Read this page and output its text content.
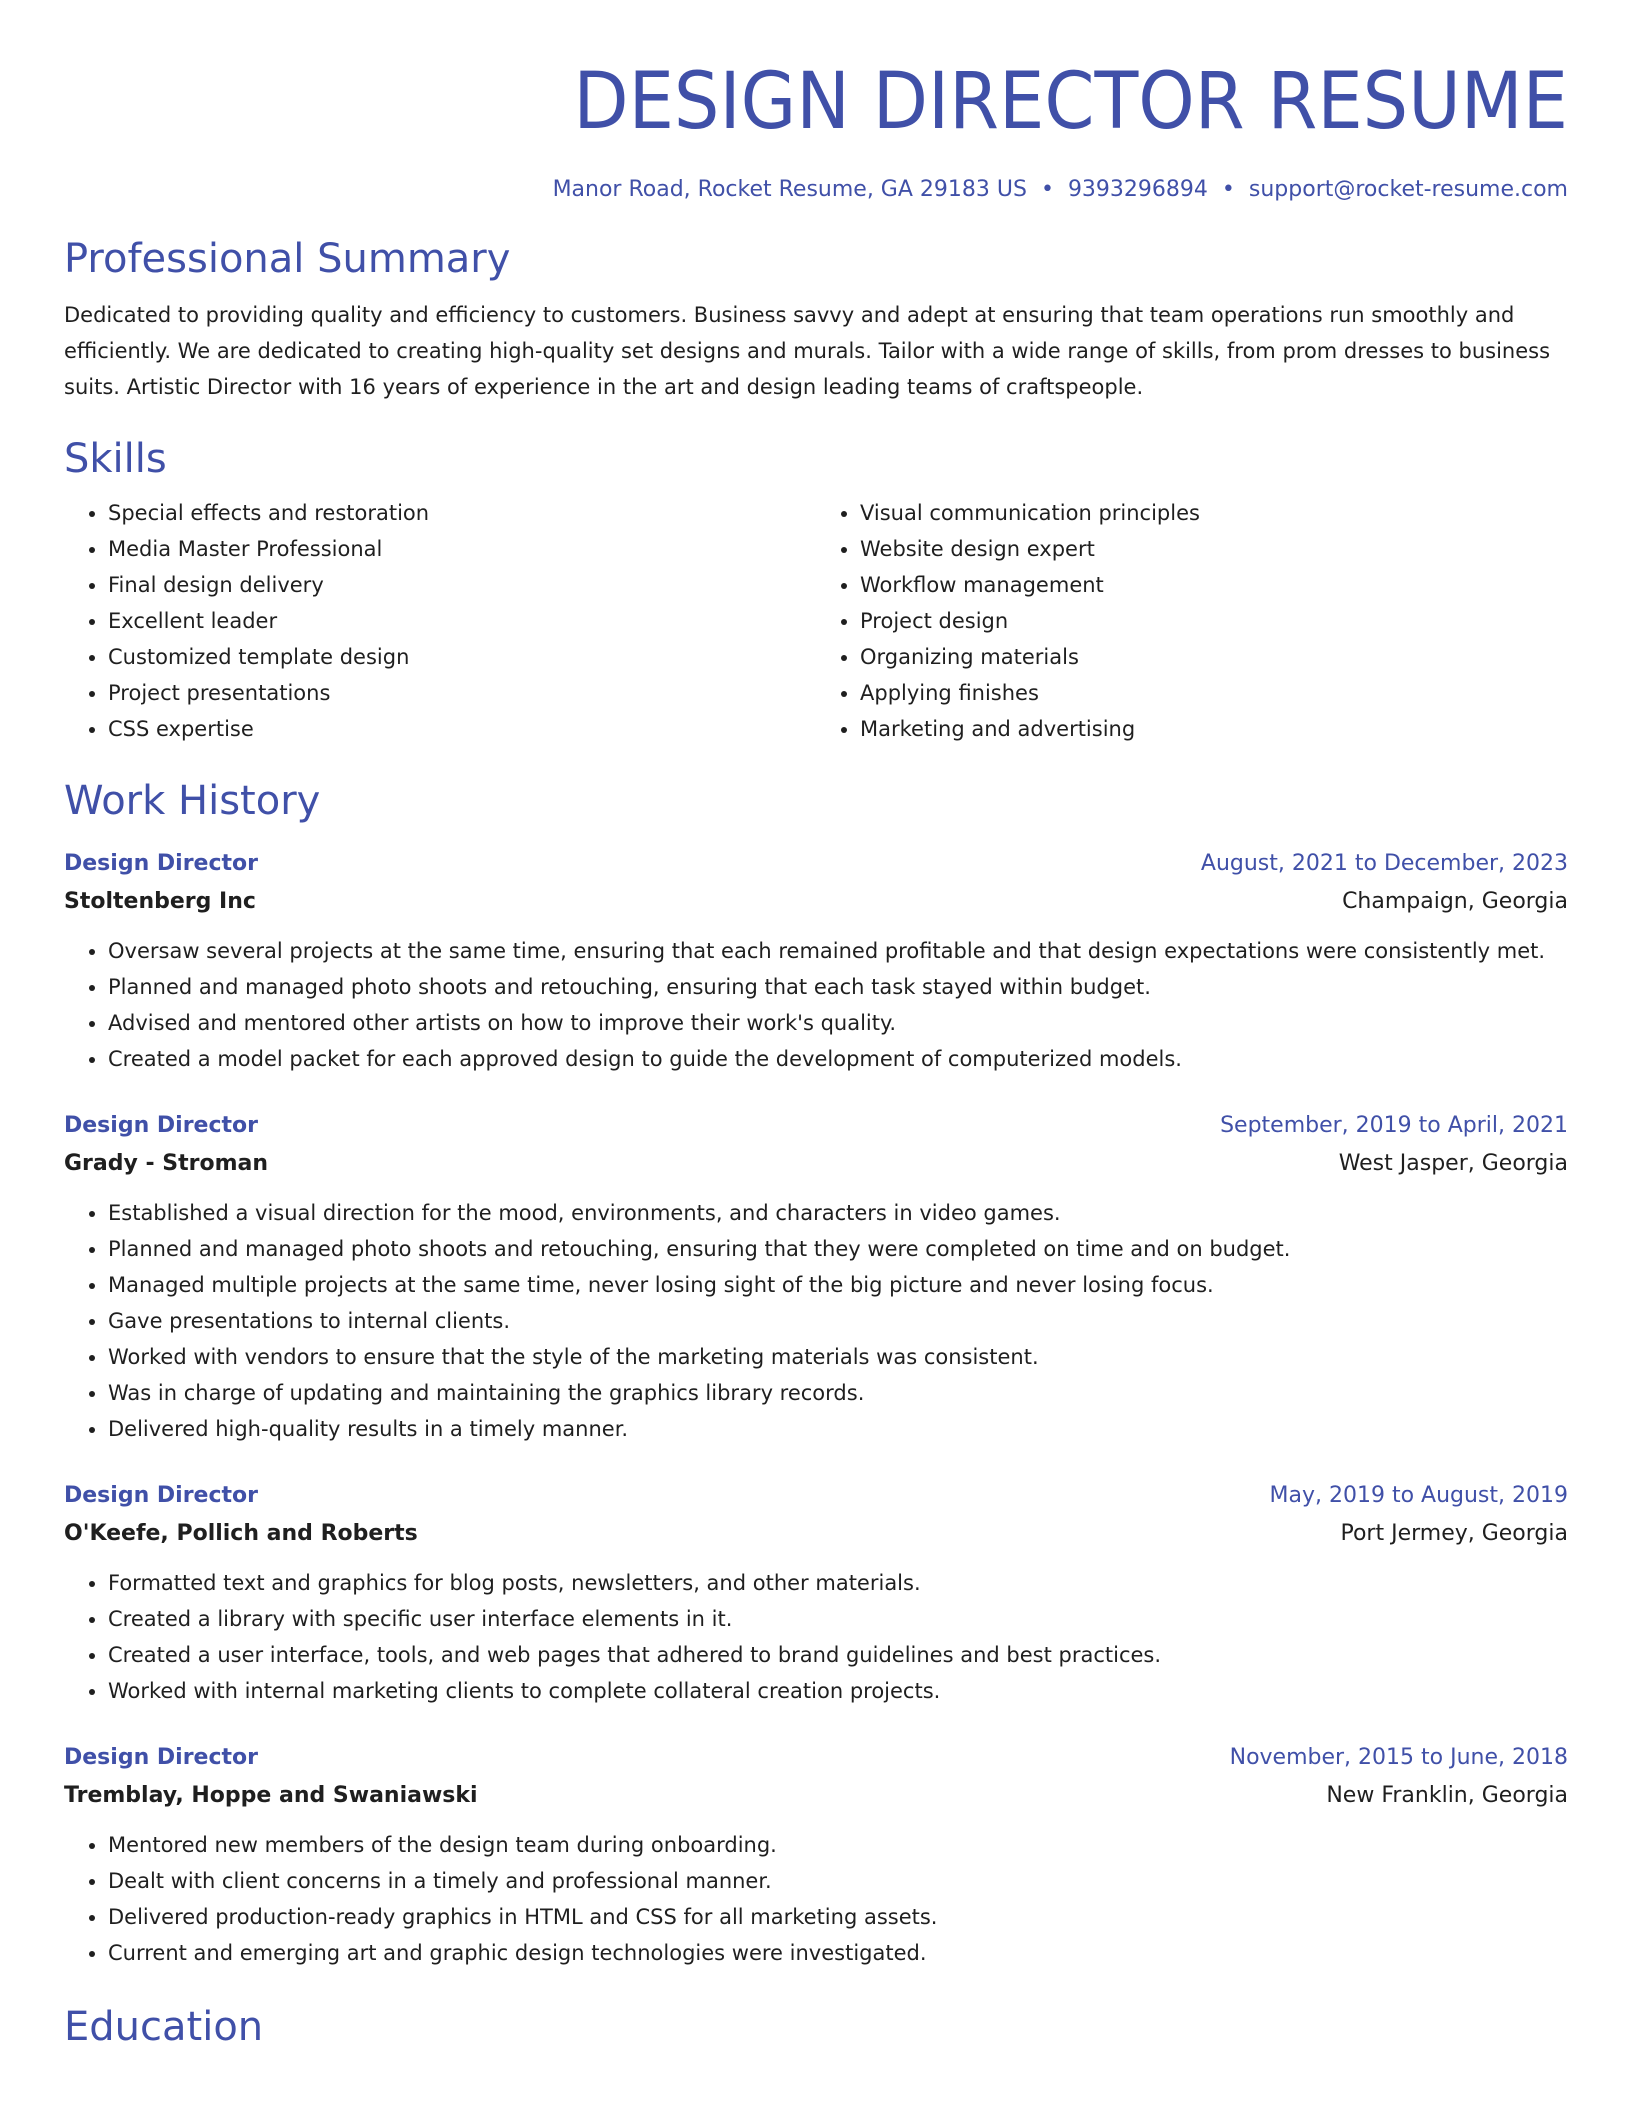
DESIGN DIRECTOR RESUME
Manor Road, Rocket Resume, GA 29183 US • 9393296894 • support@rocket-resume.com
Professional Summary

Dedicated to providing quality and efficiency to customers. Business savvy and adept at ensuring that team operations run smoothly and efficiently. We are dedicated to creating high-quality set designs and murals. Tailor with a wide range of skills, from prom dresses to business suits. Artistic Director with 16 years of experience in the art and design leading teams of craftspeople.

Skills
• Special effects and restoration
• Media Master Professional
• Final design delivery
• Excellent leader
• Customized template design
• Project presentations
• CSS expertise
• Visual communication principles
• Website design expert
• Workflow management
• Project design
• Organizing materials
• Applying finishes
• Marketing and advertising
Work History
Design Director	August, 2021 to December, 2023
Stoltenberg Inc	Champaign, Georgia
• Oversaw several projects at the same time, ensuring that each remained profitable and that design expectations were consistently met.
• Planned and managed photo shoots and retouching, ensuring that each task stayed within budget.
• Advised and mentored other artists on how to improve their work's quality.
• Created a model packet for each approved design to guide the development of computerized models.
Design Director	September, 2019 to April, 2021
Grady - Stroman	West Jasper, Georgia
• Established a visual direction for the mood, environments, and characters in video games.
• Planned and managed photo shoots and retouching, ensuring that they were completed on time and on budget.
• Managed multiple projects at the same time, never losing sight of the big picture and never losing focus.
• Gave presentations to internal clients.
• Worked with vendors to ensure that the style of the marketing materials was consistent.
• Was in charge of updating and maintaining the graphics library records.
• Delivered high-quality results in a timely manner.
Design Director	May, 2019 to August, 2019
O'Keefe, Pollich and Roberts	Port Jermey, Georgia
• Formatted text and graphics for blog posts, newsletters, and other materials.
• Created a library with specific user interface elements in it.
• Created a user interface, tools, and web pages that adhered to brand guidelines and best practices.
• Worked with internal marketing clients to complete collateral creation projects.
Design Director	November, 2015 to June, 2018
Tremblay, Hoppe and Swaniawski	New Franklin, Georgia
• Mentored new members of the design team during onboarding.
• Dealt with client concerns in a timely and professional manner.
• Delivered production-ready graphics in HTML and CSS for all marketing assets.
• Current and emerging art and graphic design technologies were investigated.
Education
